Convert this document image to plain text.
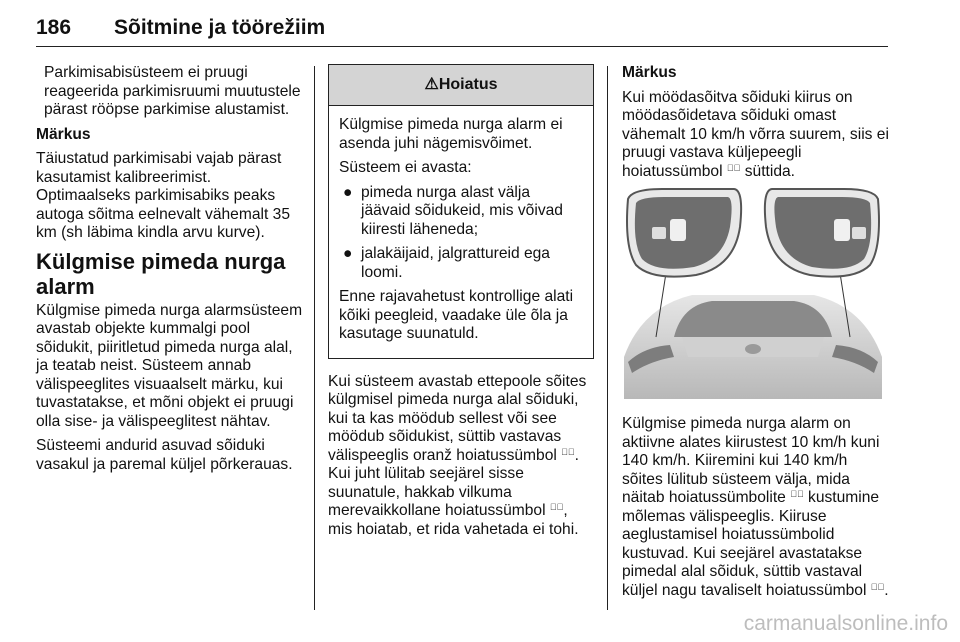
186 Sõitmine ja töörežiim

Parkimisabisüsteem ei pruugi reageerida parkimisruumi muutustele pärast rööpse parkimise alustamist.

Märkus

Täiustatud parkimisabi vajab pärast kasutamist kalibreerimist. Optimaalseks parkimisabiks peaks autoga sõitma eelnevalt vähemalt 35 km (sh läbima kindla arvu kurve).

Külgmise pimeda nurga alarm

Külgmise pimeda nurga alarmsüsteem avastab objekte kummalgi pool sõidukit, piiritletud pimeda nurga alal, ja teatab neist. Süsteem annab välispeeglites visuaalselt märku, kui tuvastatakse, et mõni objekt ei pruugi olla sise- ja välispeeglitest nähtav.

Süsteemi andurid asuvad sõiduki vasakul ja paremal küljel põrkerauas.

⚠Hoiatus

Külgmise pimeda nurga alarm ei asenda juhi nägemisvõimet.

Süsteem ei avasta:

● pimeda nurga alast välja jäävaid sõidukeid, mis võivad kiiresti läheneda;
● jalakäijaid, jalgrattureid ega loomi.

Enne rajavahetust kontrollige alati kõiki peegleid, vaadake üle õla ja kasutage suunatuld.

Kui süsteem avastab ettepoole sõites külgmisel pimeda nurga alal sõiduki, kui ta kas möödub sellest või see möödub sõidukist, süttib vastavas välispeeglis oranž hoiatussümbol ⇗⃞. Kui juht lülitab seejärel sisse suunatule, hakkab vilkuma merevaikkollane hoiatussümbol ⇗⃞, mis hoiatab, et rida vahetada ei tohi.

Märkus

Kui möödasõitva sõiduki kiirus on möödasõidetava sõiduki omast vähemalt 10 km/h võrra suurem, siis ei pruugi vastava küljepeegli hoiatussümbol ⇗⃞ süttida.

Külgmise pimeda nurga alarm on aktiivne alates kiirustest 10 km/h kuni 140 km/h. Kiiremini kui 140 km/h sõites lülitub süsteem välja, mida näitab hoiatussümbolite ⇗⃞ kustumine mõlemas välispeeglis. Kiiruse aeglustamisel hoiatussümbolid kustuvad. Kui seejärel avastatakse pimedal alal sõiduk, süttib vastaval küljel nagu tavaliselt hoiatussümbol ⇗⃞.

carmanualsonline.info
